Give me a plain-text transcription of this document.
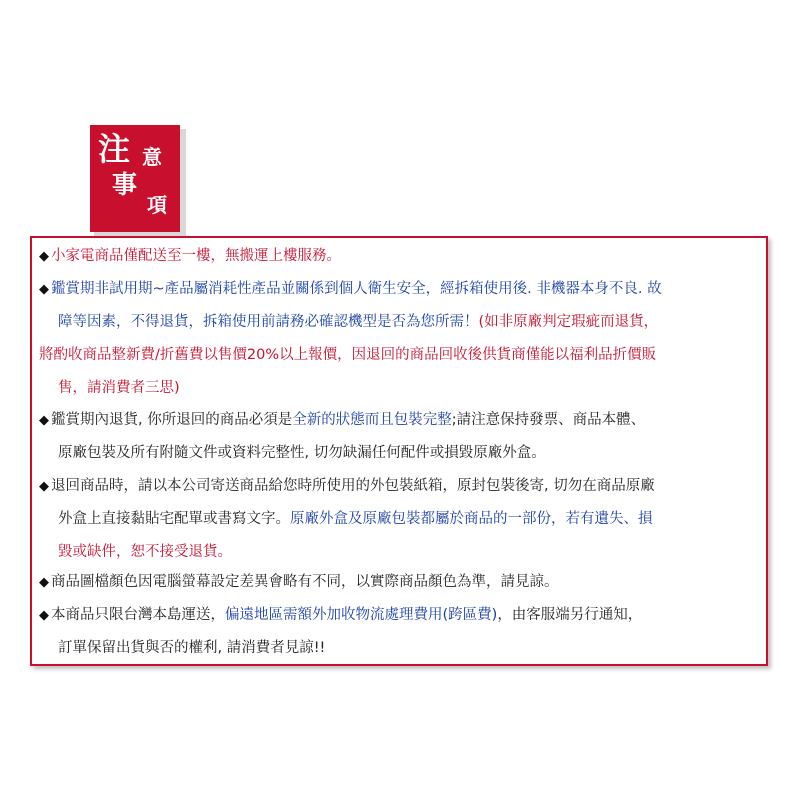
注 意
事
項
◆ 小家電商品僅配送至一樓，無搬運上樓服務。
◆ 鑑賞期非試用期~產品屬消耗性產品並關係到個人衛生安全，經拆箱使用後. 非機器本身不良. 故
障等因素，不得退貨，拆箱使用前請務必確認機型是否為您所需！(如非原廠判定瑕疵而退貨，
將酌收商品整新費/折舊費以售價20%以上報價，因退回的商品回收後供貨商僅能以福利品折價販
售，請消費者三思)
◆ 鑑賞期內退貨, 你所退回的商品必須是全新的狀態而且包裝完整;請注意保持發票、商品本體、
原廠包裝及所有附隨文件或資料完整性, 切勿缺漏任何配件或損毀原廠外盒。
◆ 退回商品時，請以本公司寄送商品給您時所使用的外包裝紙箱，原封包裝後寄, 切勿在商品原廠
外盒上直接黏貼宅配單或書寫文字。原廠外盒及原廠包裝都屬於商品的一部份，若有遺失、損
毀或缺件，恕不接受退貨。
◆ 商品圖檔顏色因電腦螢幕設定差異會略有不同，以實際商品顏色為準，請見諒。
◆ 本商品只限台灣本島運送，偏遠地區需額外加收物流處理費用(跨區費)，由客服端另行通知，
訂單保留出貨與否的權利, 請消費者見諒!!
